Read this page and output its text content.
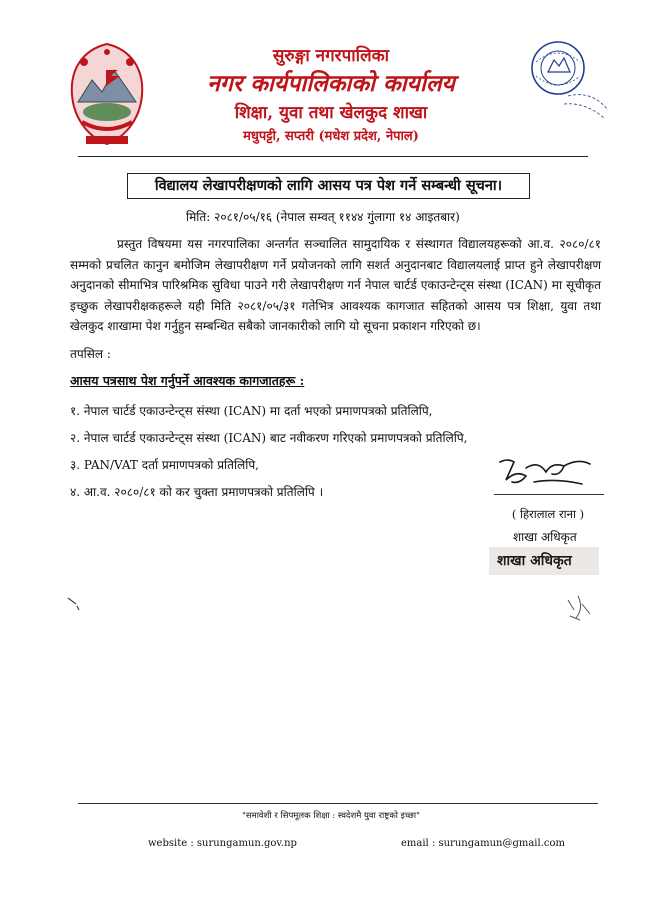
सुरुङ्गा नगरपालिका
नगर कार्यपालिकाको कार्यालय
शिक्षा, युवा तथा खेलकुद शाखा
मधुपट्टी, सप्तरी (मधेश प्रदेश, नेपाल)
विद्यालय लेखापरीक्षणको लागि आसय पत्र पेश गर्ने सम्बन्धी सूचना।
मिति: २०८१/०५/१६ (नेपाल सम्वत् ११४४ गुंलागा १४ आइतबार)
प्रस्तुत विषयमा यस नगरपालिका अन्तर्गत सञ्चालित सामुदायिक र संस्थागत विद्यालयहरूको आ.व. २०८०/८१ सम्मको प्रचलित कानुन बमोजिम लेखापरीक्षण गर्ने प्रयोजनको लागि सशर्त अनुदानबाट विद्यालयलाई प्राप्त हुने लेखापरीक्षण अनुदानको सीमाभित्र पारिश्रमिक सुविधा पाउने गरी लेखापरीक्षण गर्न नेपाल चार्टर्ड एकाउन्टेन्ट्स संस्था (ICAN) मा सूचीकृत इच्छुक लेखापरीक्षकहरूले यही मिति २०८१/०५/३१ गतेभित्र आवश्यक कागजात सहितको आसय पत्र शिक्षा, युवा तथा खेलकुद शाखामा पेश गर्नुहुन सम्बन्धित सबैको जानकारीको लागि यो सूचना प्रकाशन गरिएको छ।
तपसिल :
आसय पत्रसाथ पेश गर्नुपर्ने आवश्यक कागजातहरू :
१. नेपाल चार्टर्ड एकाउन्टेन्ट्स संस्था (ICAN) मा दर्ता भएको प्रमाणपत्रको प्रतिलिपि,
२. नेपाल चार्टर्ड एकाउन्टेन्ट्स संस्था (ICAN) बाट नवीकरण गरिएको प्रमाणपत्रको प्रतिलिपि,
३. PAN/VAT दर्ता प्रमाणपत्रको प्रतिलिपि,
४. आ.व. २०८०/८१ को कर चुक्ता प्रमाणपत्रको प्रतिलिपि ।
( हिरालाल राना )
शाखा अधिकृत
शाखा अधिकृत
"समावेशी र सिपमूलक शिक्षा : स्वदेशमै युवा राष्ट्रको इच्छा"
website : surungamun.gov.np	email : surungamun@gmail.com
